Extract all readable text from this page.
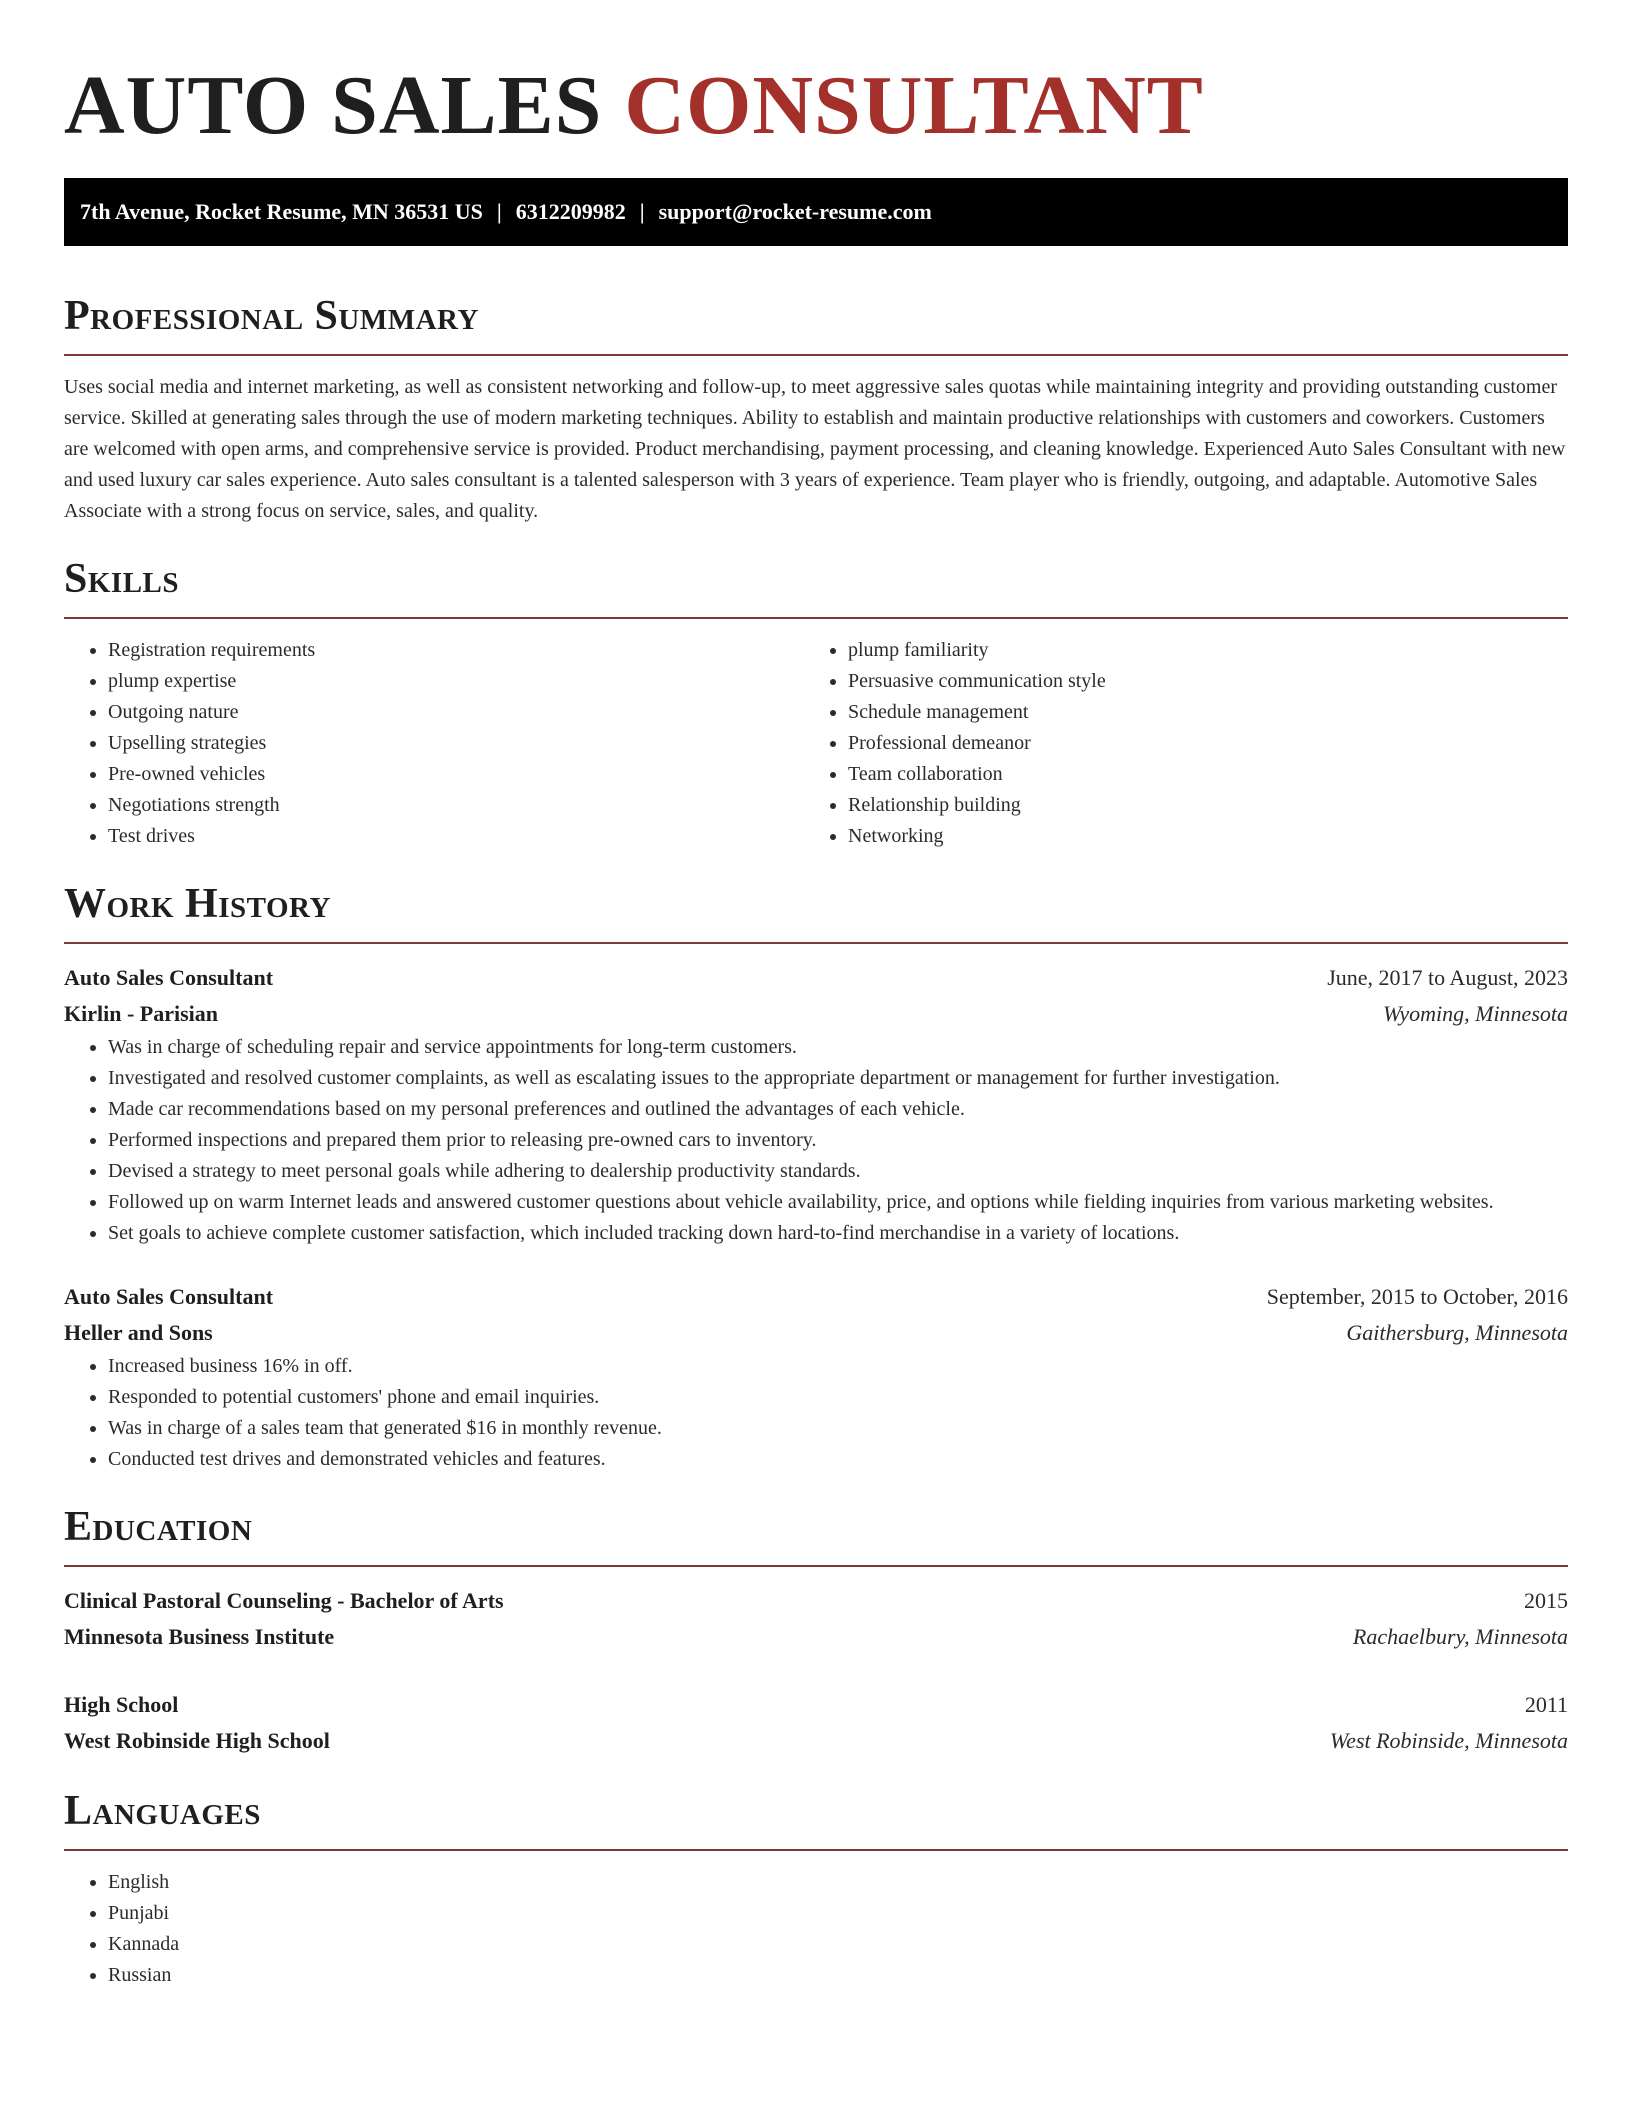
AUTO SALES CONSULTANT
7th Avenue, Rocket Resume, MN 36531 US | 6312209982 | support@rocket-resume.com
Professional Summary
Uses social media and internet marketing, as well as consistent networking and follow-up, to meet aggressive sales quotas while maintaining integrity and providing outstanding customer service. Skilled at generating sales through the use of modern marketing techniques. Ability to establish and maintain productive relationships with customers and coworkers. Customers are welcomed with open arms, and comprehensive service is provided. Product merchandising, payment processing, and cleaning knowledge. Experienced Auto Sales Consultant with new and used luxury car sales experience. Auto sales consultant is a talented salesperson with 3 years of experience. Team player who is friendly, outgoing, and adaptable. Automotive Sales Associate with a strong focus on service, sales, and quality.
Skills
• Registration requirements
• plump expertise
• Outgoing nature
• Upselling strategies
• Pre-owned vehicles
• Negotiations strength
• Test drives
• plump familiarity
• Persuasive communication style
• Schedule management
• Professional demeanor
• Team collaboration
• Relationship building
• Networking
Work History
Auto Sales Consultant	June, 2017 to August, 2023
Kirlin - Parisian	Wyoming, Minnesota
• Was in charge of scheduling repair and service appointments for long-term customers.
• Investigated and resolved customer complaints, as well as escalating issues to the appropriate department or management for further investigation.
• Made car recommendations based on my personal preferences and outlined the advantages of each vehicle.
• Performed inspections and prepared them prior to releasing pre-owned cars to inventory.
• Devised a strategy to meet personal goals while adhering to dealership productivity standards.
• Followed up on warm Internet leads and answered customer questions about vehicle availability, price, and options while fielding inquiries from various marketing websites.
• Set goals to achieve complete customer satisfaction, which included tracking down hard-to-find merchandise in a variety of locations.
Auto Sales Consultant	September, 2015 to October, 2016
Heller and Sons	Gaithersburg, Minnesota
• Increased business 16% in off.
• Responded to potential customers' phone and email inquiries.
• Was in charge of a sales team that generated $16 in monthly revenue.
• Conducted test drives and demonstrated vehicles and features.
Education
Clinical Pastoral Counseling - Bachelor of Arts	2015
Minnesota Business Institute	Rachaelbury, Minnesota
High School	2011
West Robinside High School	West Robinside, Minnesota
Languages
• English
• Punjabi
• Kannada
• Russian
